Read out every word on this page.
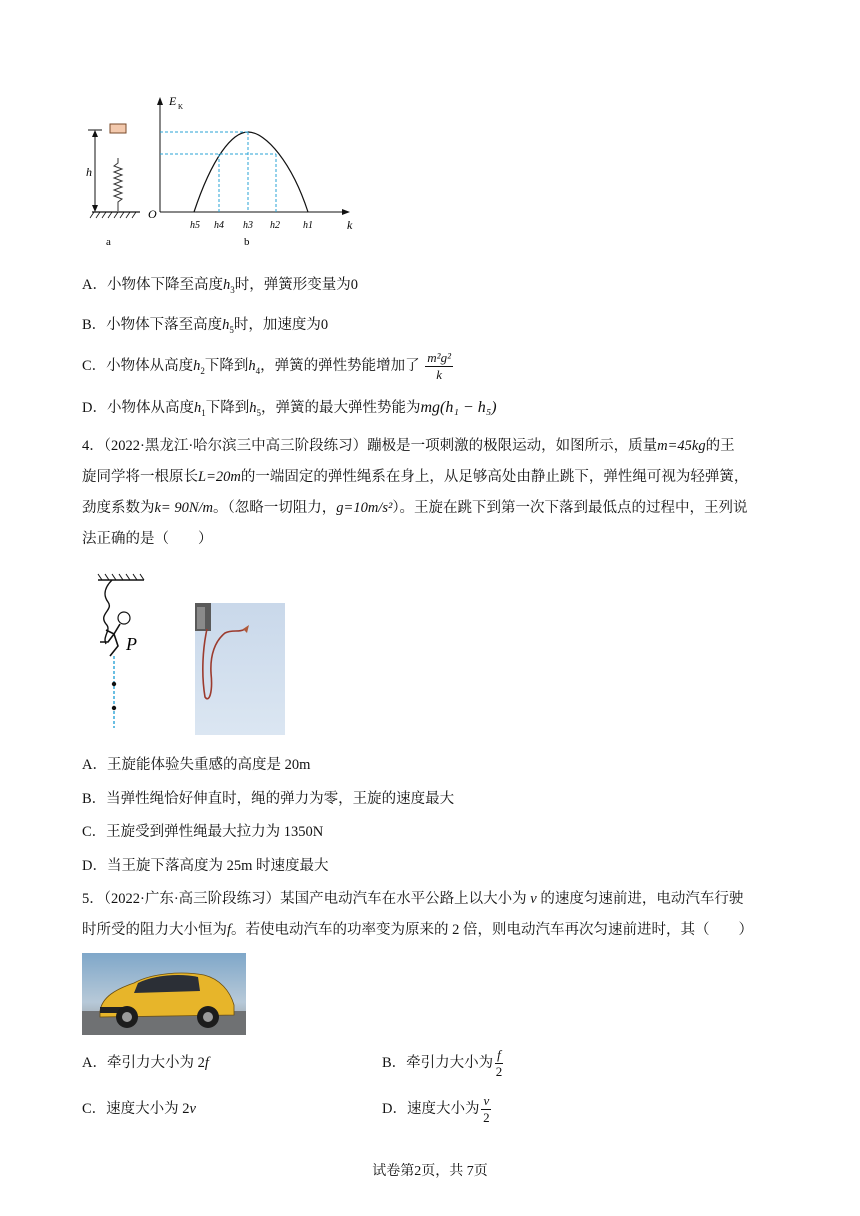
h
a
E K
O
k
h5 h4 h3 h2 h1
b
A．小物体下降至高度$h_3$时，弹簧形变量为0
B．小物体下落至高度$h_5$时，加速度为0
C．小物体从高度$h_2$下降到$h_4$，弹簧的弹性势能增加了 $\frac{\text{m²g²}}{k}$
D．小物体从高度$h_1$下降到$h_5$，弹簧的最大弹性势能为mg(h₁ − h₅)
4．（2022·黑龙江·哈尔滨三中高三阶段练习）蹦极是一项刺激的极限运动，如图所示，质量m=45kg的王
旋同学将一根原长L=20m的一端固定的弹性绳系在身上，从足够高处由静止跳下，弹性绳可视为轻弹簧，
劲度系数为k= 90N/m。（忽略一切阻力，g=10m/s²）。王旋在跳下到第一次下落到最低点的过程中，王列说
法正确的是（　　）
P
A．王旋能体验失重感的高度是 20m
B．当弹性绳恰好伸直时，绳的弹力为零，王旋的速度最大
C．王旋受到弹性绳最大拉力为 1350N
D．当王旋下落高度为 25m 时速度最大
5．（2022·广东·高三阶段练习）某国产电动汽车在水平公路上以大小为 v 的速度匀速前进，电动汽车行驶
时所受的阻力大小恒为f。若使电动汽车的功率变为原来的 2 倍，则电动汽车再次匀速前进时，其（　　）
A．牵引力大小为 2f	B．牵引力大小为 $\frac{f}{2}$
C．速度大小为 2v	D．速度大小为 $\frac{v}{2}$
试卷第2页，共 7页
